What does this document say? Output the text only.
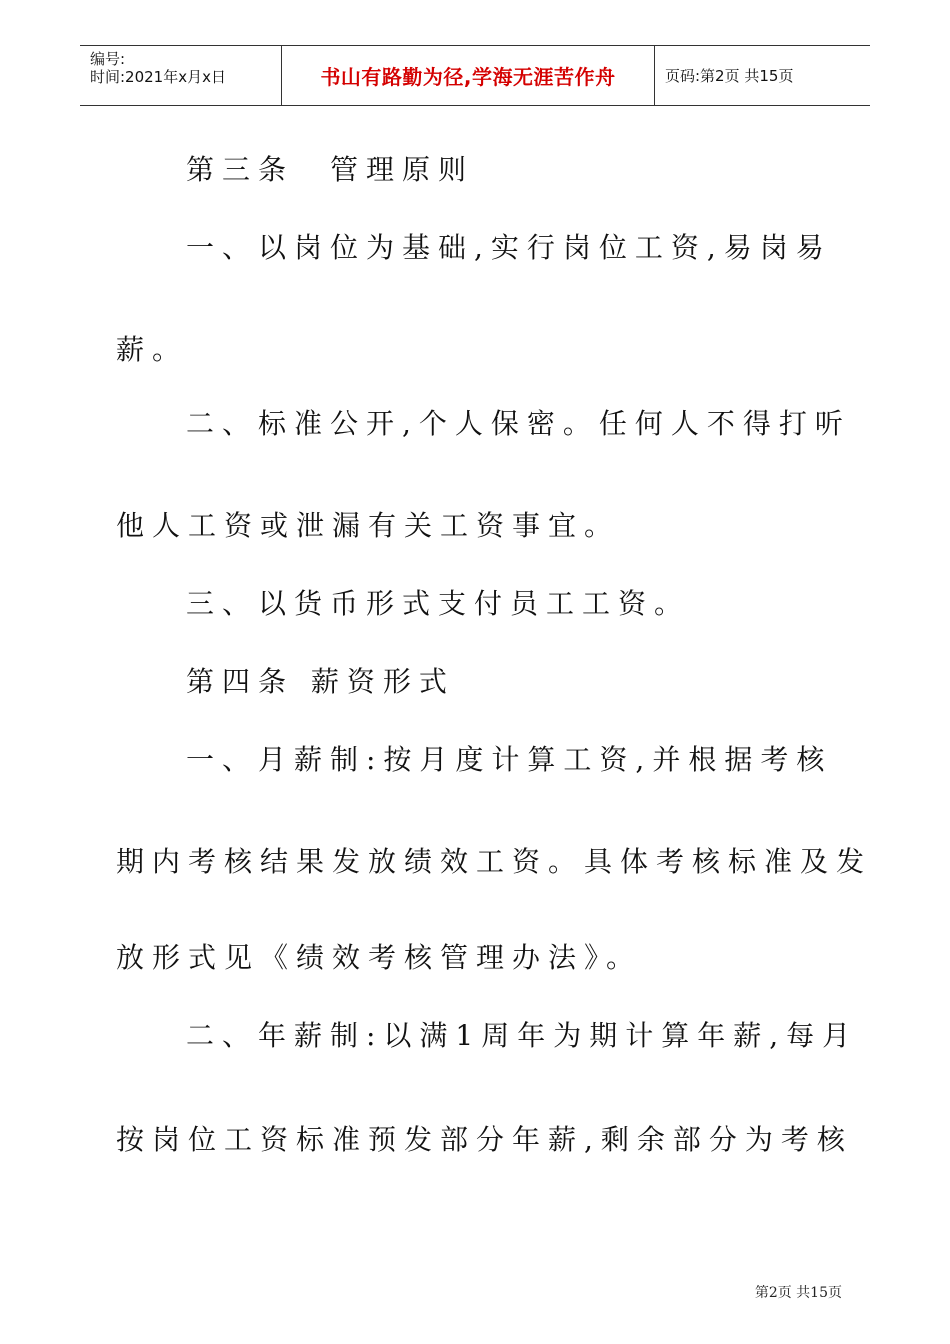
编号:
时间:2021年x月x日	书山有路勤为径,学海无涯苦作舟	页码:第2页 共15页
第三条　管理原则
一、以岗位为基础,实行岗位工资,易岗易
薪。
二、标准公开,个人保密。任何人不得打听
他人工资或泄漏有关工资事宜。
三、以货币形式支付员工工资。
第四条 薪资形式
一、月薪制:按月度计算工资,并根据考核
期内考核结果发放绩效工资。具体考核标准及发
放形式见《绩效考核管理办法》。
二、年薪制:以满1周年为期计算年薪,每月
按岗位工资标准预发部分年薪,剩余部分为考核
第2页 共15页
